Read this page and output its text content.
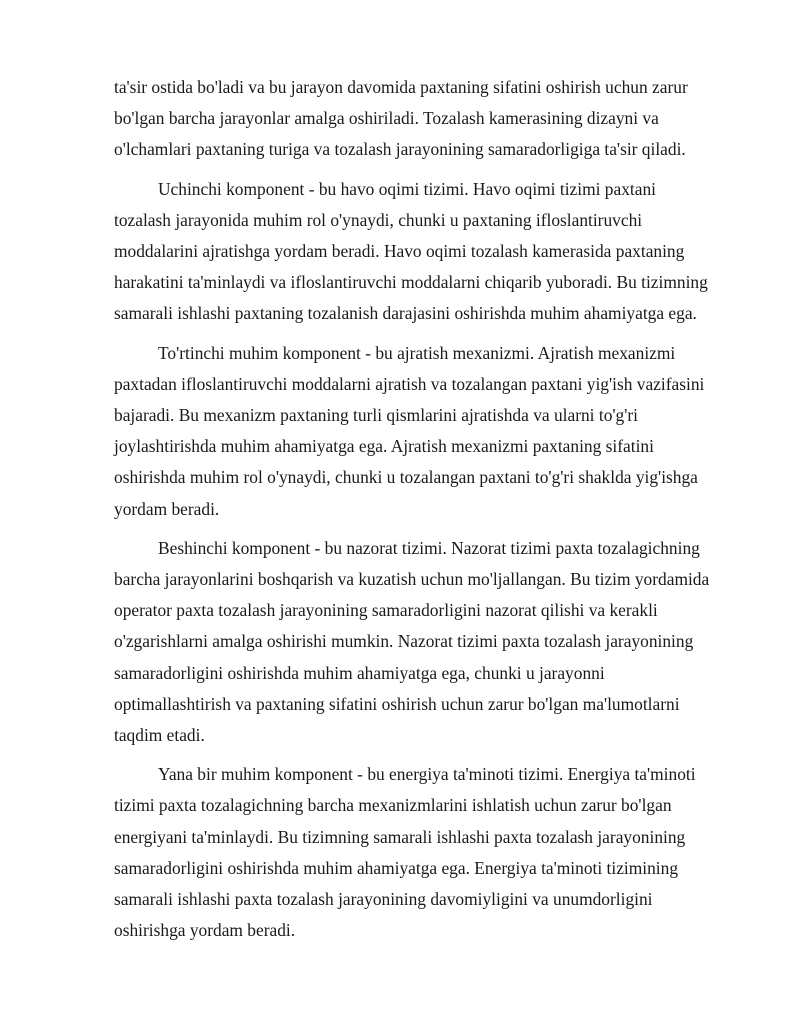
ta'sir ostida bo'ladi va bu jarayon davomida paxtaning sifatini oshirish uchun zarur
bo'lgan barcha jarayonlar amalga oshiriladi. Tozalash kamerasining dizayni va
o'lchamlari paxtaning turiga va tozalash jarayonining samaradorligiga ta'sir qiladi.

Uchinchi komponent - bu havo oqimi tizimi. Havo oqimi tizimi paxtani
tozalash jarayonida muhim rol o'ynaydi, chunki u paxtaning ifloslantiruvchi
moddalarini ajratishga yordam beradi. Havo oqimi tozalash kamerasida paxtaning
harakatini ta'minlaydi va ifloslantiruvchi moddalarni chiqarib yuboradi. Bu tizimning
samarali ishlashi paxtaning tozalanish darajasini oshirishda muhim ahamiyatga ega.

To'rtinchi muhim komponent - bu ajratish mexanizmi. Ajratish mexanizmi
paxtadan ifloslantiruvchi moddalarni ajratish va tozalangan paxtani yig'ish vazifasini
bajaradi. Bu mexanizm paxtaning turli qismlarini ajratishda va ularni to'g'ri
joylashtirishda muhim ahamiyatga ega. Ajratish mexanizmi paxtaning sifatini
oshirishda muhim rol o'ynaydi, chunki u tozalangan paxtani to'g'ri shaklda yig'ishga
yordam beradi.

Beshinchi komponent - bu nazorat tizimi. Nazorat tizimi paxta tozalagichning
barcha jarayonlarini boshqarish va kuzatish uchun mo'ljallangan. Bu tizim yordamida
operator paxta tozalash jarayonining samaradorligini nazorat qilishi va kerakli
o'zgarishlarni amalga oshirishi mumkin. Nazorat tizimi paxta tozalash jarayonining
samaradorligini oshirishda muhim ahamiyatga ega, chunki u jarayonni
optimallashtirish va paxtaning sifatini oshirish uchun zarur bo'lgan ma'lumotlarni
taqdim etadi.

Yana bir muhim komponent - bu energiya ta'minoti tizimi. Energiya ta'minoti
tizimi paxta tozalagichning barcha mexanizmlarini ishlatish uchun zarur bo'lgan
energiyani ta'minlaydi. Bu tizimning samarali ishlashi paxta tozalash jarayonining
samaradorligini oshirishda muhim ahamiyatga ega. Energiya ta'minoti tizimining
samarali ishlashi paxta tozalash jarayonining davomiyligini va unumdorligini
oshirishga yordam beradi.
